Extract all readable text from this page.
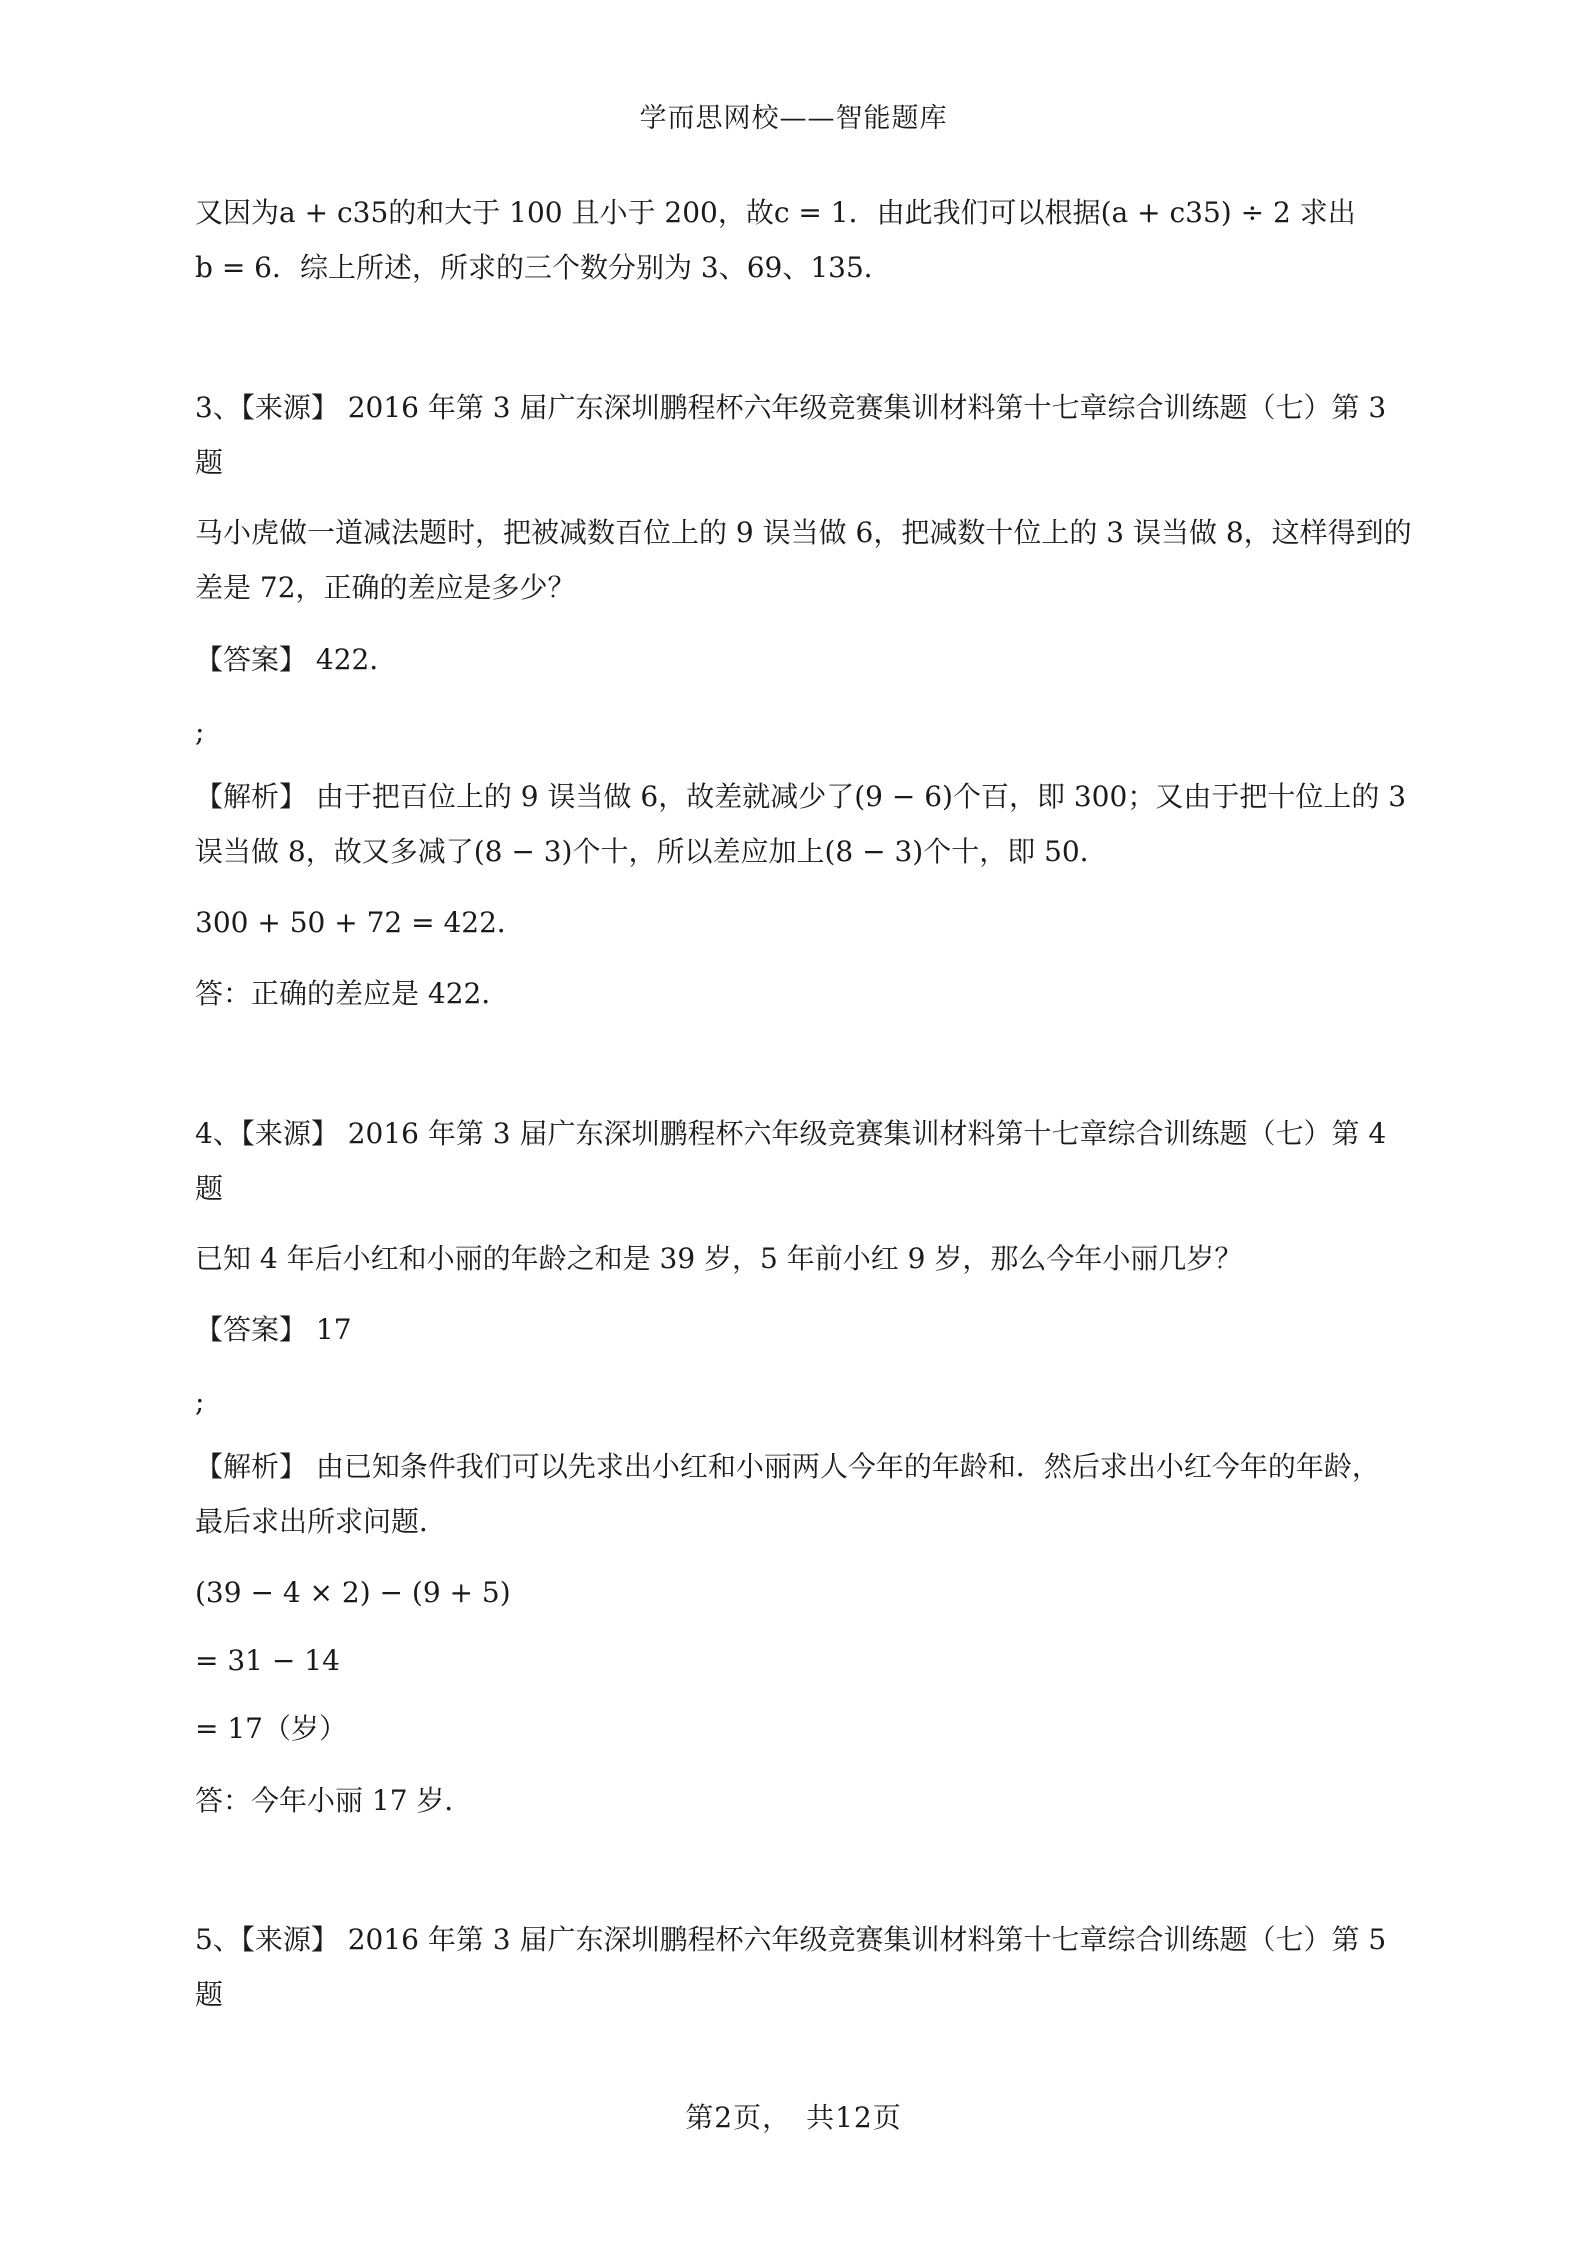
学而思网校——智能题库
又因为a + c35的和大于 100 且小于 200，故c = 1．由此我们可以根据(a + c35) ÷ 2 求出
b = 6．综上所述，所求的三个数分别为 3、69、135．
3、【来源】 2016 年第 3 届广东深圳鹏程杯六年级竞赛集训材料第十七章综合训练题（七）第 3
题
马小虎做一道减法题时，把被减数百位上的 9 误当做 6，把减数十位上的 3 误当做 8，这样得到的
差是 72，正确的差应是多少？
【答案】 422．
;
【解析】 由于把百位上的 9 误当做 6，故差就减少了(9 − 6)个百，即 300；又由于把十位上的 3
误当做 8，故又多减了(8 − 3)个十，所以差应加上(8 − 3)个十，即 50．
300 + 50 + 72 = 422．
答：正确的差应是 422．
4、【来源】 2016 年第 3 届广东深圳鹏程杯六年级竞赛集训材料第十七章综合训练题（七）第 4
题
已知 4 年后小红和小丽的年龄之和是 39 岁，5 年前小红 9 岁，那么今年小丽几岁？
【答案】 17
;
【解析】 由已知条件我们可以先求出小红和小丽两人今年的年龄和．然后求出小红今年的年龄，
最后求出所求问题．
(39 − 4 × 2) − (9 + 5)
= 31 − 14
= 17（岁）
答：今年小丽 17 岁．
5、【来源】 2016 年第 3 届广东深圳鹏程杯六年级竞赛集训材料第十七章综合训练题（七）第 5
题
第2页，　共12页
